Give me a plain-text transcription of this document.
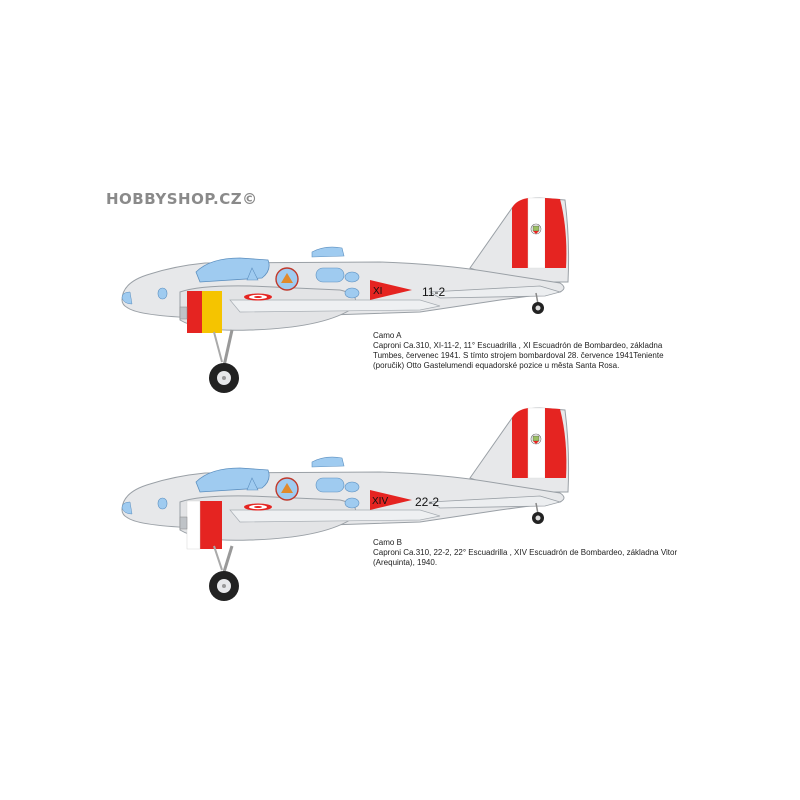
HOBBYSHOP.CZ©
XI	11-2
Camo A
Caproni Ca.310, XI-11-2, 11° Escuadrilla , XI Escuadrón de Bombardeo, základna
Tumbes, červenec 1941. S tímto strojem bombardoval 28. července 1941Teniente
(poručik) Otto Gastelumendi equadorské pozice u města Santa Rosa.
XIV 22-2
Camo B
Caproni Ca.310, 22-2, 22° Escuadrilla , XIV Escuadrón de Bombardeo, základna Vitor
(Arequinta), 1940.
